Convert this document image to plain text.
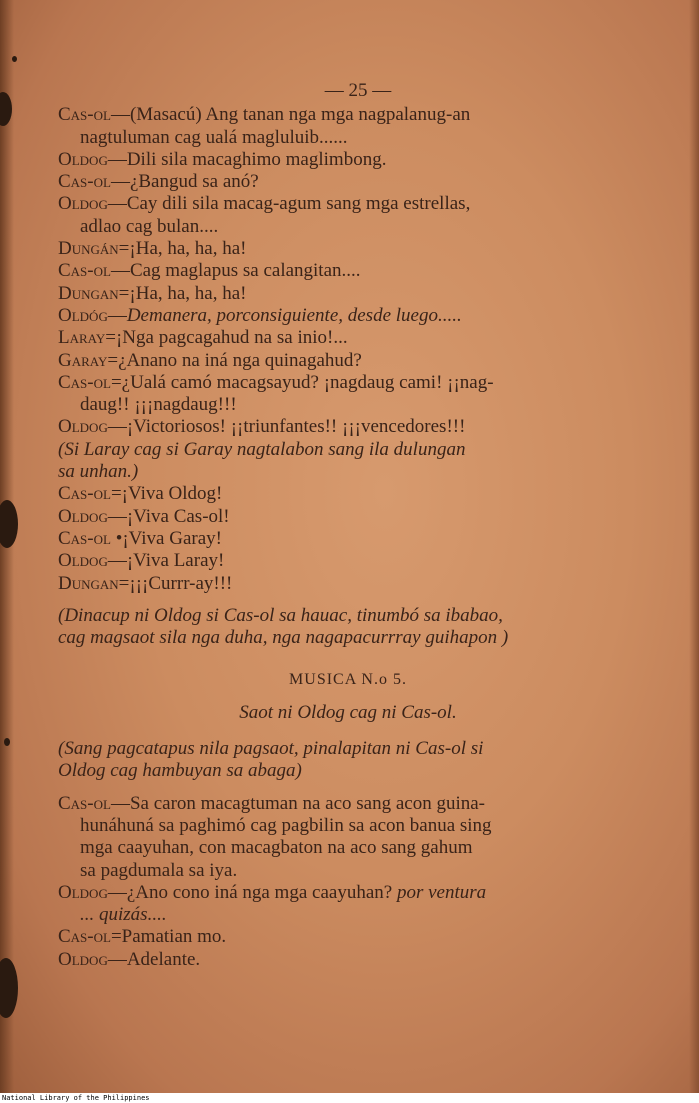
— 25 —
Cas-ol—(Masacú) Ang tanan nga mga nagpalanug-an
nagtuluman cag ualá magluluib......
Oldog—Dili sila macaghimo maglimbong.
Cas-ol—¿Bangud sa anó?
Oldog—Cay dili sila macag-agum sang mga estrellas,
adlao cag bulan....
Dungán=¡Ha, ha, ha, ha!
Cas-ol—Cag maglapus sa calangitan....
Dungan=¡Ha, ha, ha, ha!
Oldóg—Demanera, porconsiguiente, desde luego.....
Laray=¡Nga pagcagahud na sa inio!...
Garay=¿Anano na iná nga quinagahud?
Cas-ol=¿Ualá camó macagsayud? ¡nagdaug cami! ¡¡nag-
daug!! ¡¡¡nagdaug!!!
Oldog—¡Victoriosos! ¡¡triunfantes!! ¡¡¡vencedores!!!
(Si Laray cag si Garay nagtalabon sang ila dulungan
sa unhan.)
Cas-ol=¡Viva Oldog!
Oldog—¡Viva Cas-ol!
Cas-ol •¡Viva Garay!
Oldog—¡Viva Laray!
Dungan=¡¡¡Currr-ay!!!
(Dinacup ni Oldog si Cas-ol sa hauac, tinumbó sa ibabao,
cag magsaot sila nga duha, nga nagapacurrray guihapon )
MUSICA N.o 5.
Saot ni Oldog cag ni Cas-ol.
(Sang pagcatapus nila pagsaot, pinalapitan ni Cas-ol si
Oldog cag hambuyan sa abaga)
Cas-ol—Sa caron macagtuman na aco sang acon guina-
hunáhuná sa paghimó cag pagbilin sa acon banua sing
mga caayuhan, con macagbaton na aco sang gahum
sa pagdumala sa iya.
Oldog—¿Ano cono iná nga mga caayuhan? por ventura
... quizás....
Cas-ol=Pamatian mo.
Oldog—Adelante.
National Library of the Philippines
